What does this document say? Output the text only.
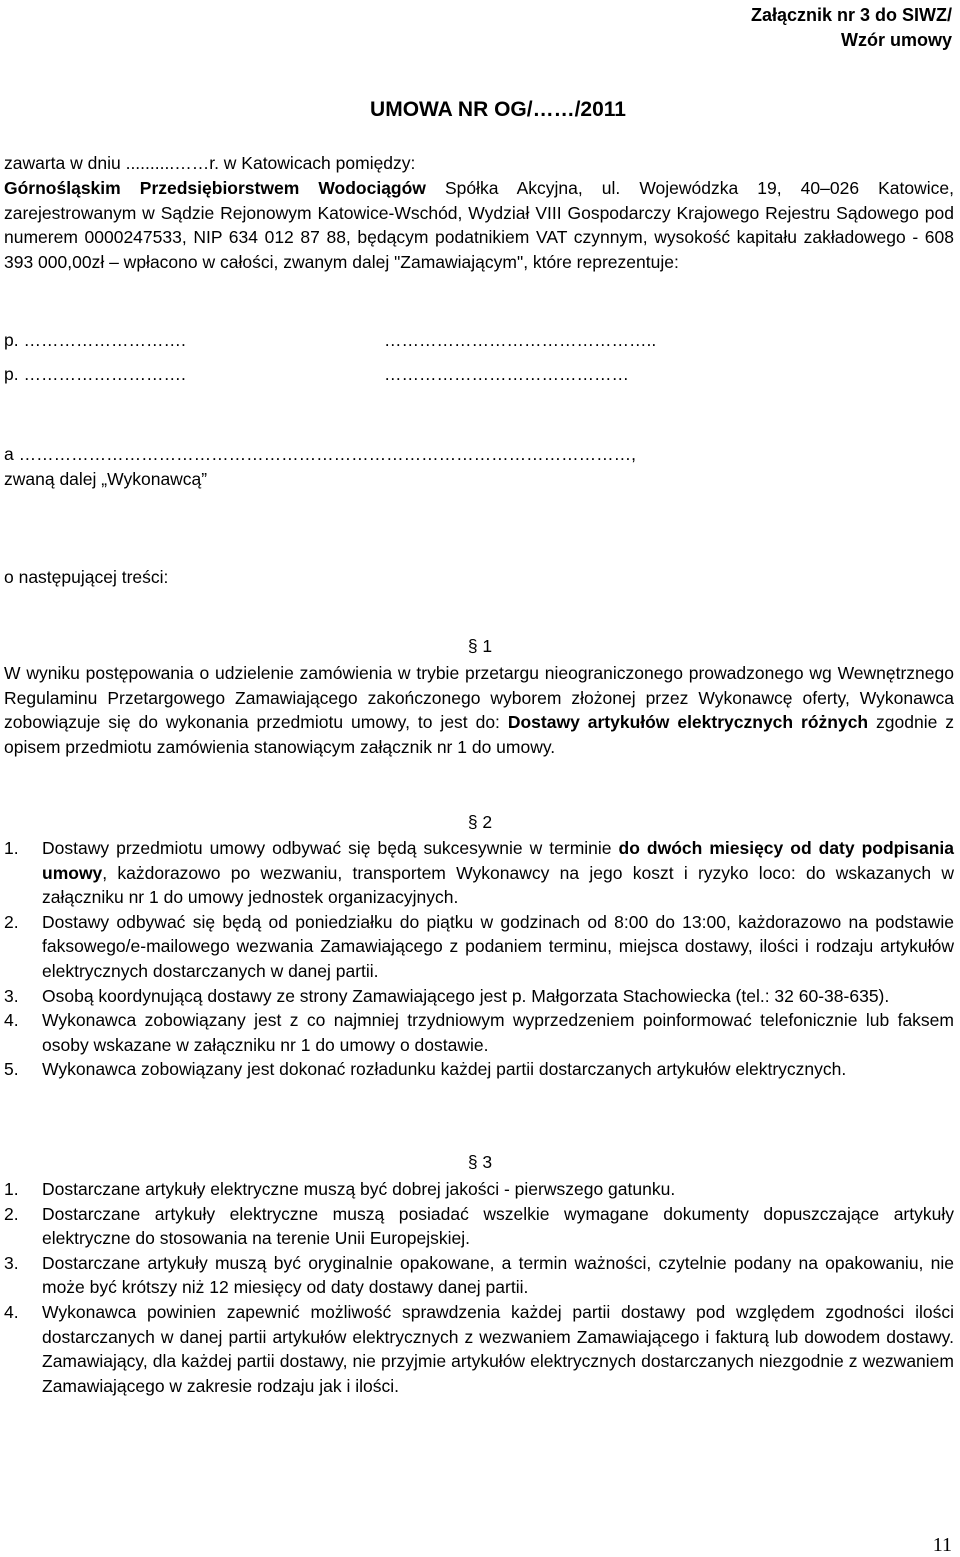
Załącznik nr 3 do SIWZ/
Wzór umowy
UMOWA NR OG/……/2011

zawarta w dniu ..........……r. w Katowicach pomiędzy:

Górnośląskim Przedsiębiorstwem Wodociągów Spółka Akcyjna, ul. Wojewódzka 19, 40–026 Katowice, zarejestrowanym w Sądzie Rejonowym Katowice-Wschód, Wydział VIII Gospodarczy Krajowego Rejestru Sądowego pod numerem 0000247533, NIP 634 012 87 88, będącym podatnikiem VAT czynnym, wysokość kapitału zakładowego - 608 393 000,00zł – wpłacono w całości, zwanym dalej "Zamawiającym", które reprezentuje:

p. ……………………….	………………………………………..
p. ……………………….	……………………………………
a ……………………………………………………………………………………………,
zwaną dalej „Wykonawcą”
o następującej treści:
§ 1

W wyniku postępowania o udzielenie zamówienia w trybie przetargu nieograniczonego prowadzonego wg Wewnętrznego Regulaminu Przetargowego Zamawiającego zakończonego wyborem złożonej przez Wykonawcę oferty, Wykonawca zobowiązuje się do wykonania przedmiotu umowy, to jest do: Dostawy artykułów elektrycznych różnych zgodnie z opisem przedmiotu zamówienia stanowiącym załącznik nr 1 do umowy.

§ 2
1. Dostawy przedmiotu umowy odbywać się będą sukcesywnie w terminie do dwóch miesięcy od daty podpisania umowy, każdorazowo po wezwaniu, transportem Wykonawcy na jego koszt i ryzyko loco: do wskazanych w załączniku nr 1 do umowy jednostek organizacyjnych.
2. Dostawy odbywać się będą od poniedziałku do piątku w godzinach od 8:00 do 13:00, każdorazowo na podstawie faksowego/e-mailowego wezwania Zamawiającego z podaniem terminu, miejsca dostawy, ilości i rodzaju artykułów elektrycznych dostarczanych w danej partii.
3. Osobą koordynującą dostawy ze strony Zamawiającego jest p. Małgorzata Stachowiecka (tel.: 32 60-38-635).
4. Wykonawca zobowiązany jest z co najmniej trzydniowym wyprzedzeniem poinformować telefonicznie lub faksem osoby wskazane w załączniku nr 1 do umowy o dostawie.
5. Wykonawca zobowiązany jest dokonać rozładunku każdej partii dostarczanych artykułów elektrycznych.
§ 3
1. Dostarczane artykuły elektryczne muszą być dobrej jakości - pierwszego gatunku.
2. Dostarczane artykuły elektryczne muszą posiadać wszelkie wymagane dokumenty dopuszczające artykuły elektryczne do stosowania na terenie Unii Europejskiej.
3. Dostarczane artykuły muszą być oryginalnie opakowane, a termin ważności, czytelnie podany na opakowaniu, nie może być krótszy niż 12 miesięcy od daty dostawy danej partii.
4. Wykonawca powinien zapewnić możliwość sprawdzenia każdej partii dostawy pod względem zgodności ilości dostarczanych w danej partii artykułów elektrycznych z wezwaniem Zamawiającego i fakturą lub dowodem dostawy. Zamawiający, dla każdej partii dostawy, nie przyjmie artykułów elektrycznych dostarczanych niezgodnie z wezwaniem Zamawiającego w zakresie rodzaju jak i ilości.
11
